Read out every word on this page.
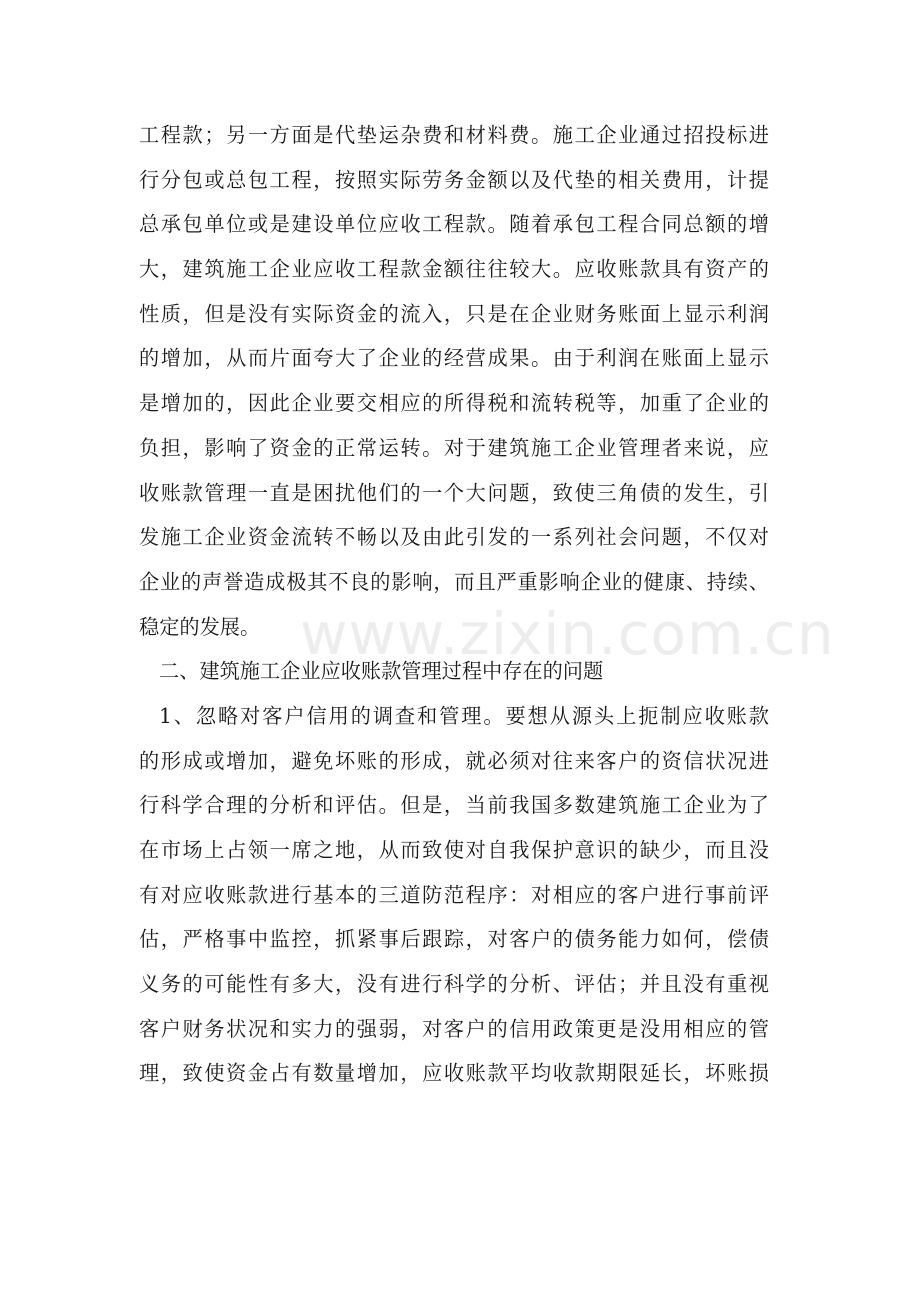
工程款；另一方面是代垫运杂费和材料费。施工企业通过招投标进
行分包或总包工程，按照实际劳务金额以及代垫的相关费用，计提
总承包单位或是建设单位应收工程款。随着承包工程合同总额的增
大，建筑施工企业应收工程款金额往往较大。应收账款具有资产的
性质，但是没有实际资金的流入，只是在企业财务账面上显示利润
的增加，从而片面夸大了企业的经营成果。由于利润在账面上显示
是增加的，因此企业要交相应的所得税和流转税等，加重了企业的
负担，影响了资金的正常运转。对于建筑施工企业管理者来说，应
收账款管理一直是困扰他们的一个大问题，致使三角债的发生，引
发施工企业资金流转不畅以及由此引发的一系列社会问题，不仅对
企业的声誉造成极其不良的影响，而且严重影响企业的健康、持续、
稳定的发展。
二、建筑施工企业应收账款管理过程中存在的问题
1、忽略对客户信用的调查和管理。要想从源头上扼制应收账款
的形成或增加，避免坏账的形成，就必须对往来客户的资信状况进
行科学合理的分析和评估。但是，当前我国多数建筑施工企业为了
在市场上占领一席之地，从而致使对自我保护意识的缺少，而且没
有对应收账款进行基本的三道防范程序：对相应的客户进行事前评
估，严格事中监控，抓紧事后跟踪，对客户的债务能力如何，偿债
义务的可能性有多大，没有进行科学的分析、评估；并且没有重视
客户财务状况和实力的强弱，对客户的信用政策更是没用相应的管
理，致使资金占有数量增加，应收账款平均收款期限延长，坏账损
www.zixin.com.cn
